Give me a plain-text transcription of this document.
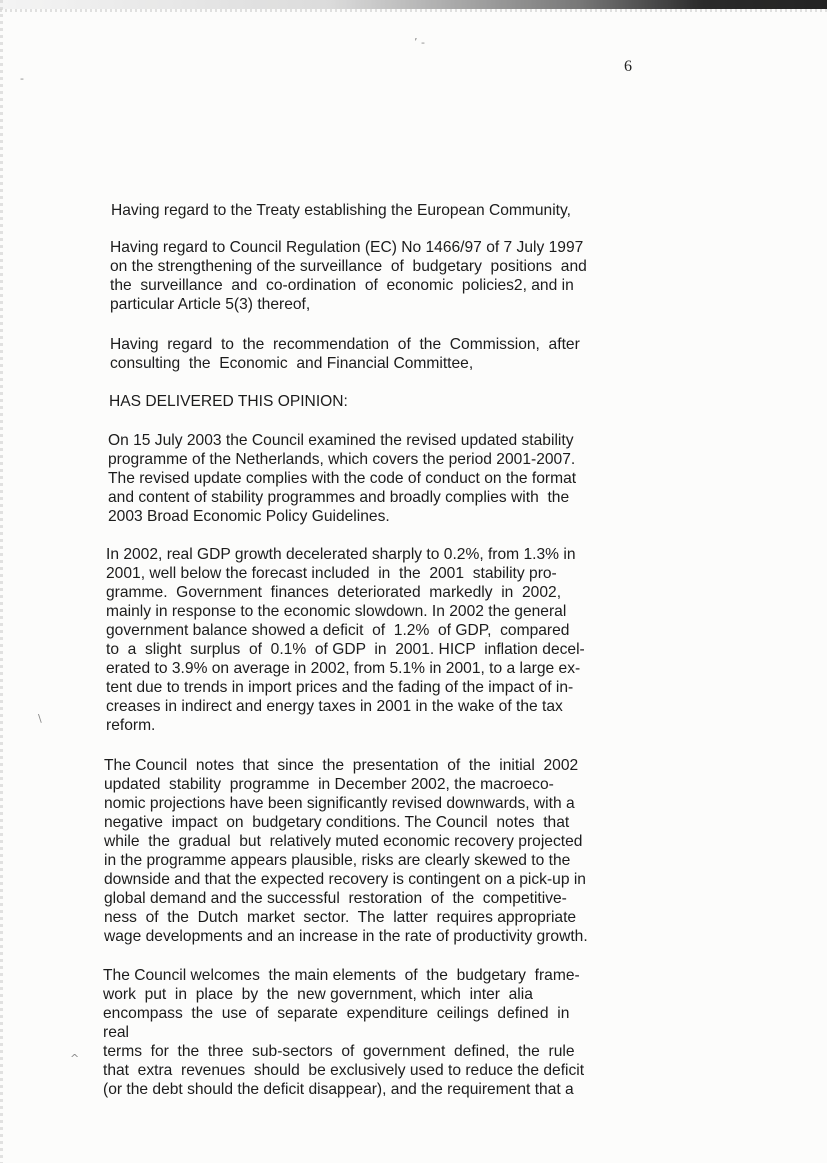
ʼ -
-
\
^
6

Having regard to the Treaty establishing the European Community,

Having regard to Council Regulation (EC) No 1466/97 of 7 July 1997
on the strengthening of the surveillance  of  budgetary  positions  and
the  surveillance  and  co-ordination  of  economic  policies2, and in
particular Article 5(3) thereof,

Having  regard  to  the  recommendation  of  the  Commission,  after
consulting  the  Economic  and Financial Committee,

HAS DELIVERED THIS OPINION:

On 15 July 2003 the Council examined the revised updated stability
programme of the Netherlands, which covers the period 2001-2007.
The revised update complies with the code of conduct on the format
and content of stability programmes and broadly complies with  the
2003 Broad Economic Policy Guidelines.

In 2002, real GDP growth decelerated sharply to 0.2%, from 1.3% in
2001, well below the forecast included  in  the  2001  stability pro-
gramme.  Government  finances  deteriorated  markedly  in  2002,
mainly in response to the economic slowdown. In 2002 the general
government balance showed a deficit  of  1.2%  of GDP,  compared
to  a  slight  surplus  of  0.1%  of GDP  in  2001. HICP  inflation decel-
erated to 3.9% on average in 2002, from 5.1% in 2001, to a large ex-
tent due to trends in import prices and the fading of the impact of in-
creases in indirect and energy taxes in 2001 in the wake of the tax
reform.

The Council  notes  that  since  the  presentation  of  the  initial  2002
updated  stability  programme  in December 2002, the macroeco-
nomic projections have been significantly revised downwards, with a
negative  impact  on  budgetary conditions. The Council  notes  that
while  the  gradual  but  relatively muted economic recovery projected
in the programme appears plausible, risks are clearly skewed to the
downside and that the expected recovery is contingent on a pick-up in
global demand and the successful  restoration  of  the  competitive-
ness  of  the  Dutch  market  sector.  The  latter  requires appropriate
wage developments and an increase in the rate of productivity growth.

The Council welcomes  the main elements  of  the  budgetary  frame-
work  put  in  place  by  the  new government, which  inter  alia
encompass  the  use  of  separate  expenditure  ceilings  defined  in
real
terms  for  the  three  sub-sectors  of  government  defined,  the  rule
that  extra  revenues  should  be exclusively used to reduce the deficit
(or the debt should the deficit disappear), and the requirement that a
